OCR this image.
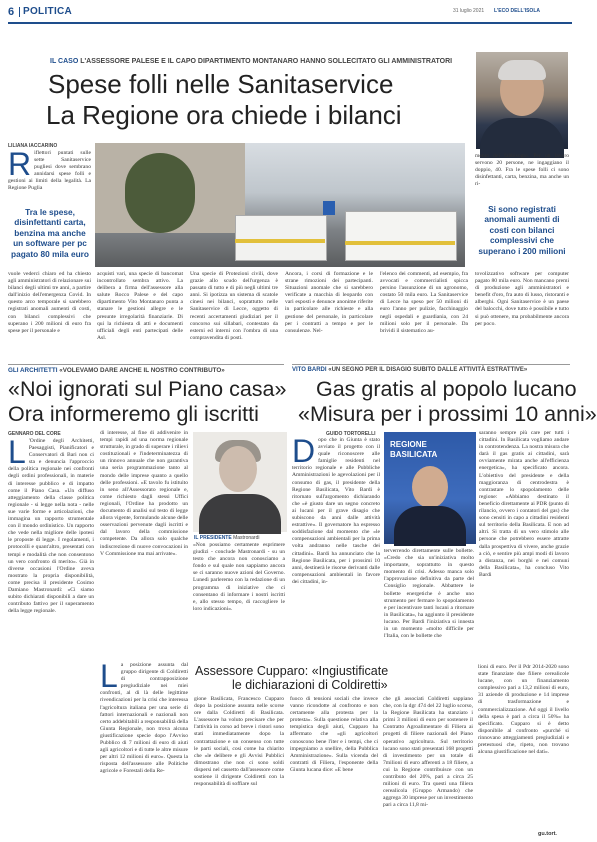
6 POLITICA	31 luglio 2021 L'ECO DELL'ISOLA
IL CASO L'ASSESSORE PALESE E IL CAPO DIPARTIMENTO MONTANARO HANNO SOLLECITATO GLI AMMINISTRATORI
Spese folli nelle Sanitaservice
La Regione ora chiede i bilanci
LILIANA IACCARINO
R iflettori puntati sulle sette Sanitaservice pugliesi dove sembrano annidarsi spese folli e gestioni ai limiti della legalità. La Regione Puglia
Tra le spese, disinfettanti carta, benzina ma anche un software per pc pagato 80 mila euro
vuole vederci chiaro ed ha chiesto agli amministratori di relazionare sui bilanci degli ultimi tre anni, a partire dall'inizio dell'emergenza Covid. In questo arco temporale si sarebbero registrati anomali aumenti di costi, con bilanci complessivi che superano i 200 milioni di euro fra spese per il personale e
acquisti vari, una specie di bancomat incontrollato sembra attivo. La delibera a firma dell'assessore alla salute Rocco Palese e del capo dipartimento Vito Montanaro punta a stanare le gestioni allegre e le presunte irregolarità finanziarie. Di qui la richiesta di atti e documenti ufficiali degli enti partecipati delle Asl.
Una specie di Protezioni civili, dove grazie allo scudo dell'urgenza è passato di tutto e di più negli ultimi tre anni. Si ipotizza un sistema di scatole cinesi nei bilanci, soprattutto nelle Sanitaservice di Lecce, oggetto di recenti accertamenti giudiziari per il concorso sui sillabari, contestato da esterni ed interni con l'ombra di una compravendita di posti.
Ancora, i corsi di formazione e le strane rimozioni dei partecipanti. Situazioni anomale che si sarebbero verificate a macchia di leopardo con vari esposti e denunce anonime riferite in particolare alle richieste e alla gestione del personale, in particolare per i contratti a tempo e per le consulenze. Nel-
l'elenco dei commenti, ad esempio, fra avvocati e commercialisti spicca persino l'assunzione di un agronomo, costato 50 mila euro. La Sanitaservice di Lecce ha speso per 50 milioni di euro l'anno per pulizie, facchinaggio negli ospedali e guardiania, con 24 milioni solo per il personale. Da brividi il sistematico au-
tovolizzativo software per computer pagato 80 mila euro. Non mancano premi di produzione agli amministratori e benefit d'oro, fra auto di lusso, ristoranti e alberghi. Ogni Sanitaservice è un paese del balocchi, dove tutto è possibile e tutto si può ottenere, ma probabilmente ancora per poco.
mento dei fabbisogni. Per un lavoro servono 20 persone, ne ingaggiano il doppio, 40. Fra le spese folli ci sono disinfettanti, carta, benzina, ma anche un ri-
Si sono registrati anomali aumenti di costi con bilanci complessivi che superano i 200 milioni
GLI ARCHITETTI «VOLEVAMO DARE ANCHE IL NOSTRO CONTRIBUTO»
«Noi ignorati sul Piano casa»
Ora informeremo gli iscritti
GENNARO DEL CORE
L 'Ordine degli Architetti, Paesaggisti, Pianificatori e Conservatori di Bari non ci sta e denuncia l'approccio della politica regionale nei confronti degli ordini professionali, in materie di interesse pubblico e di impatto come il Piano Casa. «Un diffuso atteggiamento della classe politica regionale - si legge nella nota - nelle sue varie forme e articolazioni, che immagina un rapporto strumentale con il mondo ordinistico. Un rapporto che vede nella migliore delle ipotesi le proposte di legge. I regolamenti, i protocolli e quant'altro, presentati con tempi e modalità che non consentono un vero confronto di merito». Già in diverse occasioni l'Ordine aveva mostrato la propria disponibilità, come precisa il presidente Cosimo Damiano Mastronardi: «Ci siamo subito dichiarati disponibili a dare un contributo fattivo per il superamento della legge regionale.
di interesse, al fine di addivenire in tempi rapidi ad una norma regionale strutturale, in grado di superare i rilievi costituzionali e l'indeterminatezza di un rinnovo annuale che non garantiva una seria programmazione tanto al mondo delle imprese quanto a quello delle professioni. «E tavolo fu istituito in seno all'Assessorato regionale e, come richiesto dagli stessi Uffici regionali, l'Ordine ha prodotto un documento di analisi sul testo di legge allora vigente, formulando alcune delle osservazioni pervenute dagli iscritti e dal lavoro della commissione competente. Da allora solo qualche indiscrezione di nuove convocazioni in V Commissione ma mai arrivate».
IL PRESIDENTE Mastronardi
«Non possiamo certamente esprimere giudizi - conclude Mastronardi - su un testo che ancora non conosciamo a fondo e sul quale non sappiamo ancora se ci saranno nuove azioni del Governo. Lunedì parleremo con la redazione di un programma di iniziative che ci consentano di informare i nostri iscritti e, allo stesso tempo, di raccogliere le loro indicazioni».
L a posizione assunta dal gruppo dirigente di Coldiretti di contrapposizione pregiudiziale nei miei confronti, al di là delle legittime rivendicazioni per la crisi che interessa l'agricoltura italiana per una serie di fattori internazionali e nazionali non certo addebitabili a responsabilità della Giunta Regionale, non trova alcuna giustificazione specie dopo l'Avviso Pubblico di 7 milioni di euro di aiuti agli agricoltori e di tutte le altre misure per altri 12 milioni di euro». Questa la risposta dell'assessore alle Politiche agricole e Forestali della Re-
Assessore Cupparo: «Ingiustificate
le dichiarazioni di Coldiretti»
gione Basilicata, Francesco Cupparo dopo la posizione assunta nelle scorse ore dalla Coldiretti di Basilicata. L'assessore ha voluto precisare che per l'attività in corso ad breve i ristori sono stati immediatamente dopo la contrattazione e un consenso con tutte le parti sociali, cosi come ha chiarito che «le delibere e gli Avvisi Pubblici dimostrano che non ci sono soldi dispersi nel cassetto dall'assessore come sostiene il dirigente Coldiretti con la responsabilità di soffiare sul
fuoco di tensioni sociali che invece vanno ricondotte al confronto e non certamente alla protesta per la protesta». Sulla questione relativa alla tempistica degli aiuti, Cupparo ha affermato che «gli agricoltori conoscono bene l'iter e i tempi, che ci impegniamo a snellire, della Pubblica Amministrazione». Sulla vicenda del contratti di Filiera, l'esponente della Giunta lucana dice: «E bene
che gli associati Coldiretti sappiano che, con la dgr 474 del 22 luglio scorso, la Regione Basilicata ha stanziato i primi 3 milioni di euro per sostenere il Contratto Agroalimentare di Filiera ai progetti di filiere nazionali del Piano operativo agricoltura. Sul territorio lucano sono stati presentati 168 progetti di investimento per un totale di 7milioni di euro afferenti a 18 filiere, a cui la Regione contribuisce con un contributo del 20%, pari a circa 25 milioni di euro. Tra questi una filiera cerealicola (Gruppo Armando) che aggrega 30 imprese per un investimento pari a circa 11,8 mi-
lioni di euro. Per il Pdr 2014-2020 sono state finanziate due filiere cerealicole lucane, con un finanziamento complessivo pari a 13,2 milioni di euro, 31 aziende di produzione e 14 imprese di trasformazione e commercializzazione. Ad oggi il livello della spesa è pari a circa il 50%» ha specificato. Cupparo si è detto disponibile al confronto «purché si rinnovano atteggiamenti pregiudiziali e pretestuosi che, ripeto, non trovano alcuna giustificazione nel dati».
gu.tort.
VITO BARDI «UN SEGNO PER IL DISAGIO SUBITO DALLE ATTIVITÀ ESTRATTIVE»
Gas gratis al popolo lucano
«Misura per i prossimi 10 anni»
GUIDO TORTORELLI
D opo che in Giunta è stato avviato il progetto con il quale riconoscere alle famiglie residenti nel territorio regionale e alle Pubbliche Amministrazioni le agevolazioni per il consumo di gas, il presidente della Regione Basilicata, Vito Bardi è ritornato sull'argomento dichiarando che «è giusto dare un segno concreto ai lucani per il grave disagio che subiscono da anni dalle attività estrattive». Il governatore ha espresso soddisfazione dal momento che «le compensazioni ambientali per la prima volta andranno nelle tasche dei cittadini». Bardi ha annunciato che la Regione Basilicata, per i prossimi 10 anni, destinerà le risorse derivanti dalle compensazioni ambientali in favore dei cittadini, in-
REGIONE BASILICATA
terverrendo direttamente sulle bollette. «Credo che sia un'iniziativa molto importante, soprattutto in questo momento di crisi. Adesso manca solo l'approvazione definitiva da parte del Consiglio regionale. Abbattere le bollette energetiche è anche uno strumento per fermare lo spopolamento e per incentivare tanti lucani a ritornare in Basilicata», ha aggiunto il presidente lucano. Per Bardi l'iniziativa si innesta in un momento «molto difficile per l'Italia, con le bollette che
saranno sempre più care per tutti i cittadini. In Basilicata vogliamo andare in controtendenza. La nostra misura che darà il gas gratis ai cittadini, sarà ovviamente mirata anche all'efficienza energetica», ha specificato ancora. L'obiettivo del presidente e della maggioranza di centrodestra è contrastare lo spopolamento delle regione: «Abbiamo destinato il beneficio direttamente ai PDR (punto di rilancio, ovvero i contatori del gas) che sono censiti in capo a cittadini residenti sul territorio della Basilicata. E non ad altri. Si tratta di un vero stimolo alle persone che potrebbero essere attratte dalla prospettiva di vivere, anche grazie a ciò, e sentire più ampi modi di lavoro a distanza, nei borghi e nei comuni della Basilicata», ha concluso Vito Bardi
